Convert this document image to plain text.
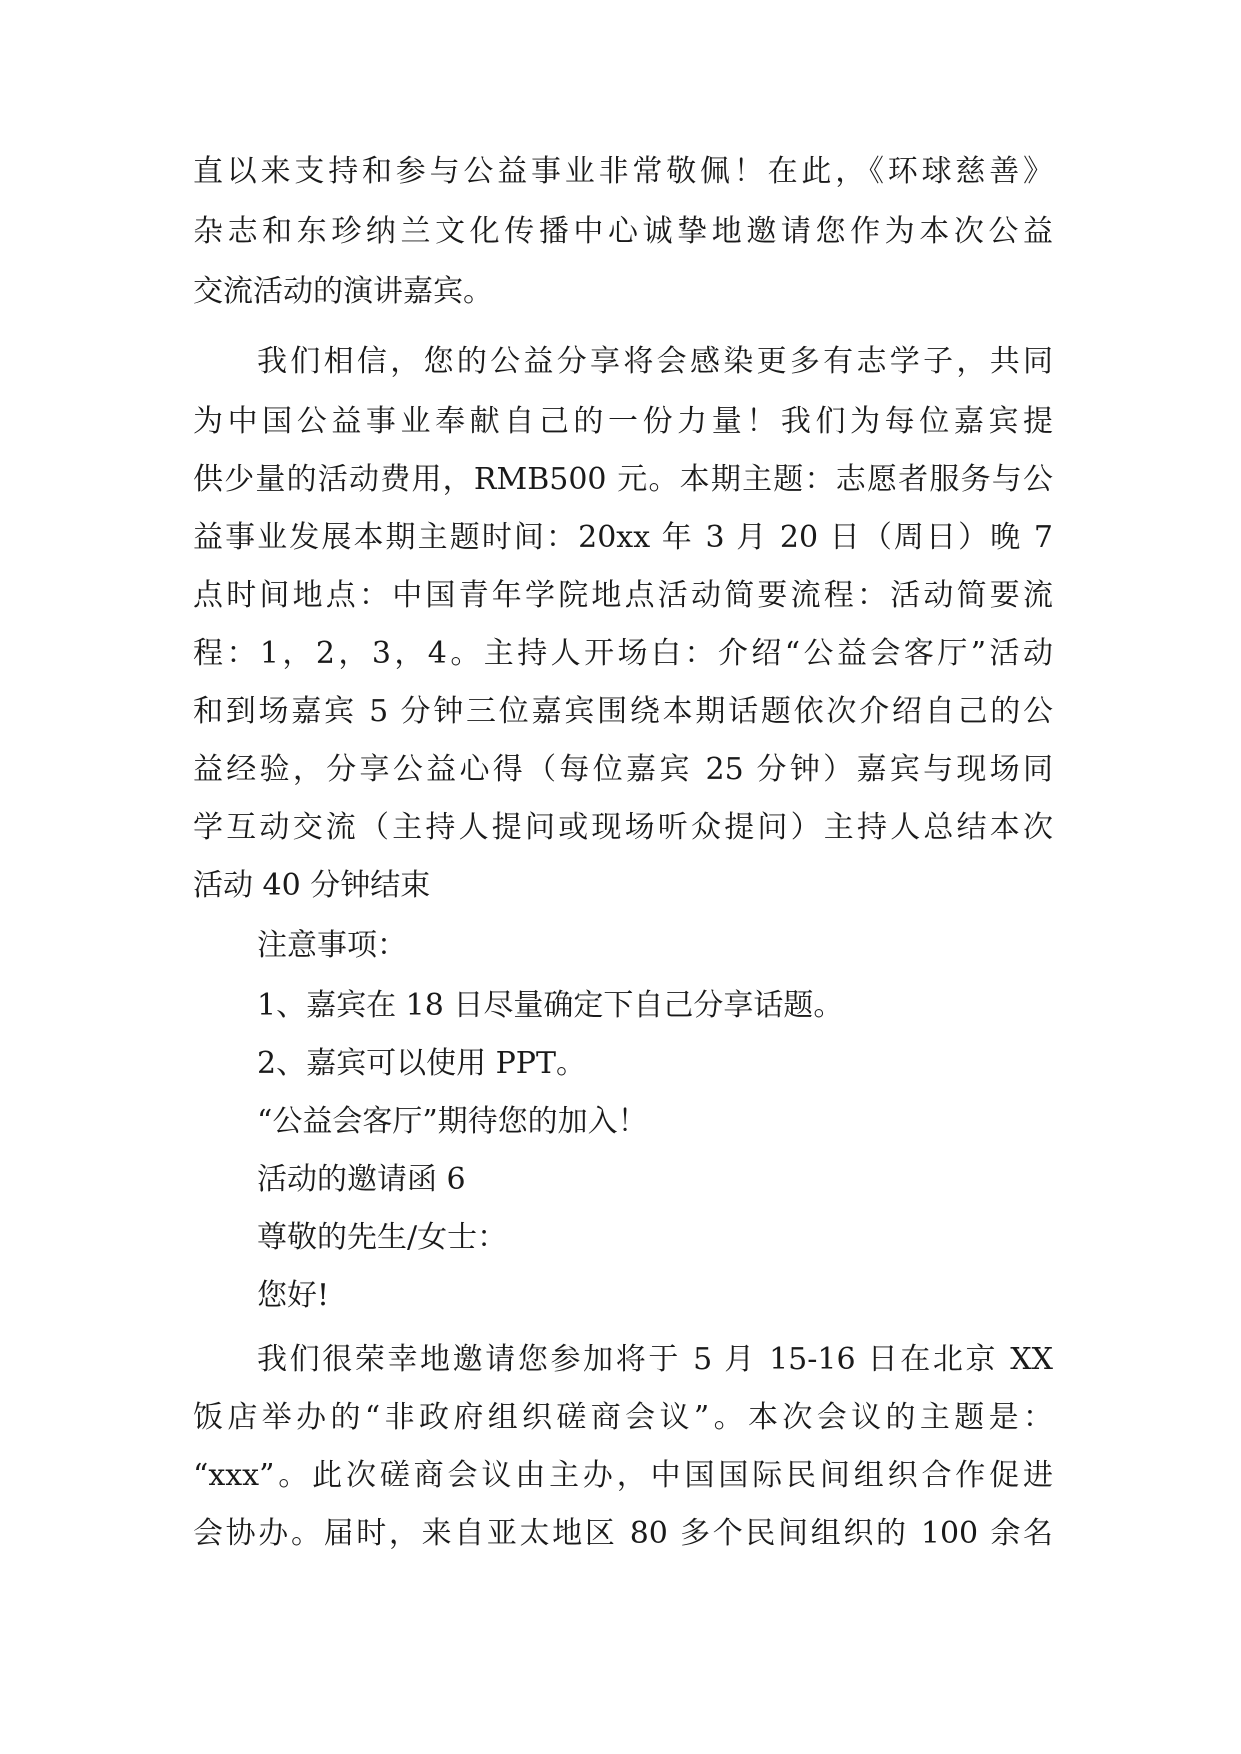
直以来支持和参与公益事业非常敬佩！在此，《环球慈善》
杂志和东珍纳兰文化传播中心诚挚地邀请您作为本次公益
交流活动的演讲嘉宾。
我们相信，您的公益分享将会感染更多有志学子，共同
为中国公益事业奉献自己的一份力量！我们为每位嘉宾提
供少量的活动费用，RMB500 元。本期主题：志愿者服务与公
益事业发展本期主题时间：20xx 年 3 月 20 日（周日）晚 7
点时间地点：中国青年学院地点活动简要流程：活动简要流
程：1，2，3，4。主持人开场白：介绍“公益会客厅”活动
和到场嘉宾 5 分钟三位嘉宾围绕本期话题依次介绍自己的公
益经验，分享公益心得（每位嘉宾 25 分钟）嘉宾与现场同
学互动交流（主持人提问或现场听众提问）主持人总结本次
活动 40 分钟结束
注意事项：
1、嘉宾在 18 日尽量确定下自己分享话题。
2、嘉宾可以使用 PPT。
“公益会客厅”期待您的加入！
活动的邀请函 6
尊敬的先生/女士：
您好!
我们很荣幸地邀请您参加将于 5 月 15-16 日在北京 XX
饭店举办的“非政府组织磋商会议”。本次会议的主题是：
“xxx”。此次磋商会议由主办，中国国际民间组织合作促进
会协办。届时，来自亚太地区 80 多个民间组织的 100 余名
